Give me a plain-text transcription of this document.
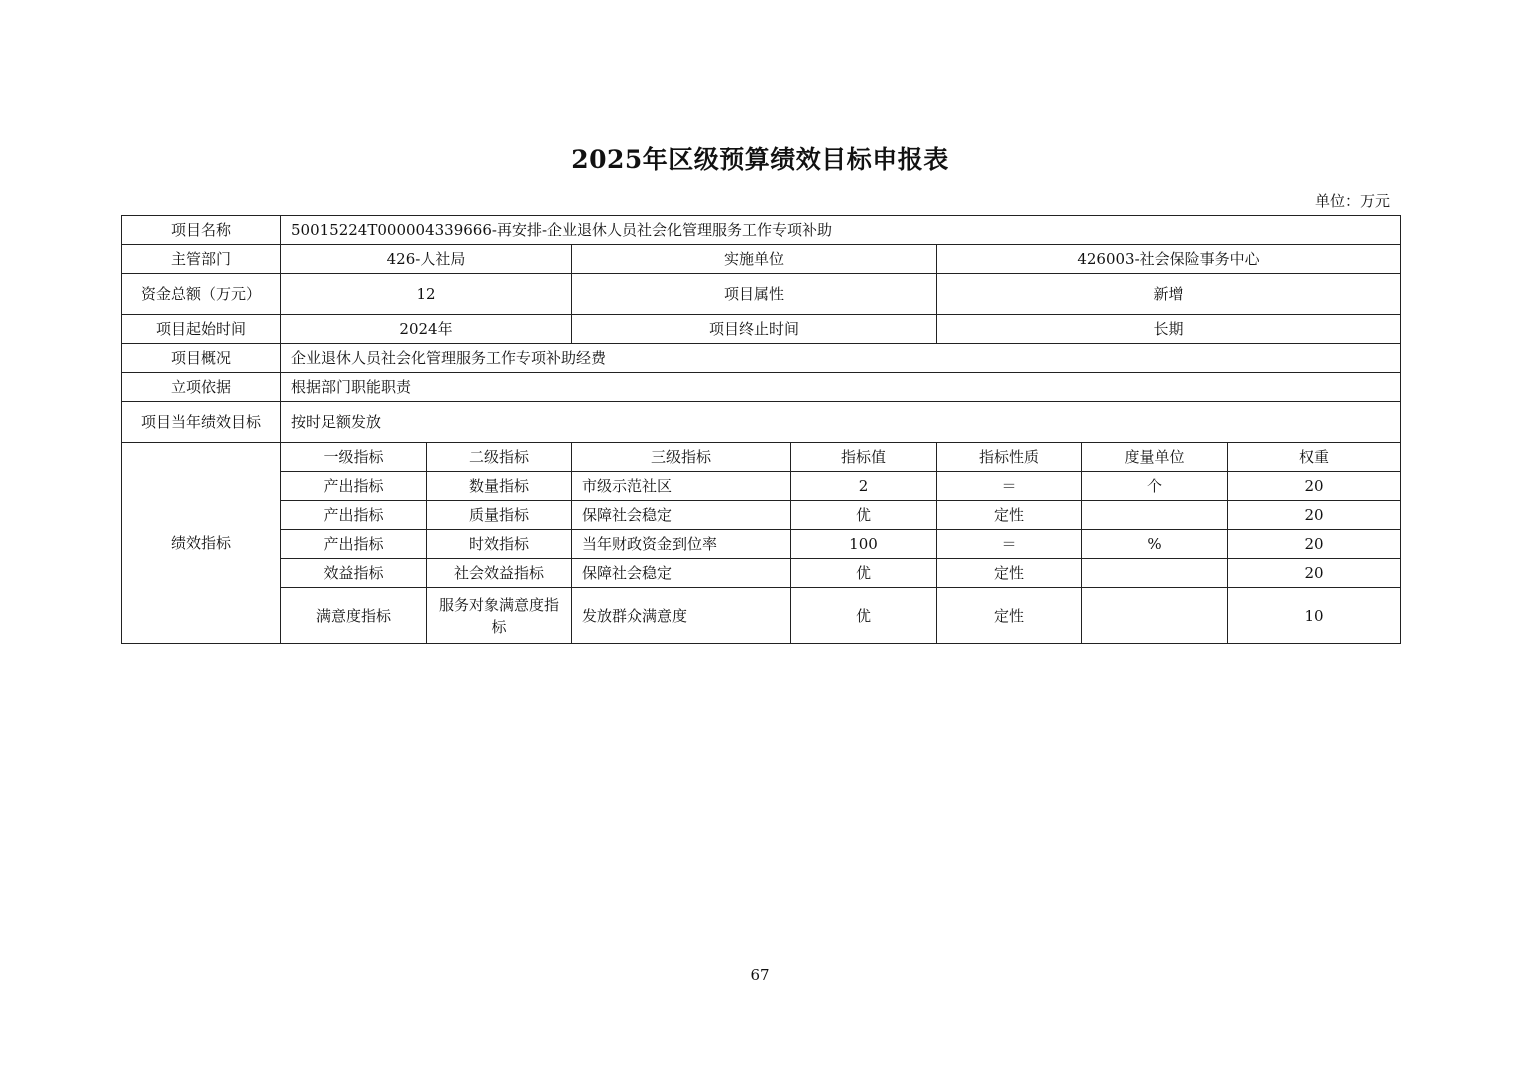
2025年区级预算绩效目标申报表
单位：万元
项目名称	50015224T000004339666-再安排-企业退休人员社会化管理服务工作专项补助						
主管部门	426-人社局		实施单位		426003-社会保险事务中心		
资金总额（万元）	12		项目属性		新增		
项目起始时间	2024年		项目终止时间		长期		
项目概况	企业退休人员社会化管理服务工作专项补助经费						
立项依据	根据部门职能职责						
项目当年绩效目标	按时足额发放						
绩效指标	一级指标	二级指标	三级指标	指标值	指标性质	度量单位	权重
	产出指标	数量指标	市级示范社区	2	＝	个	20
	产出指标	质量指标	保障社会稳定	优	定性		20
	产出指标	时效指标	当年财政资金到位率	100	＝	%	20
	效益指标	社会效益指标	保障社会稳定	优	定性		20
	满意度指标	服务对象满意度指标	发放群众满意度	优	定性		10
67
